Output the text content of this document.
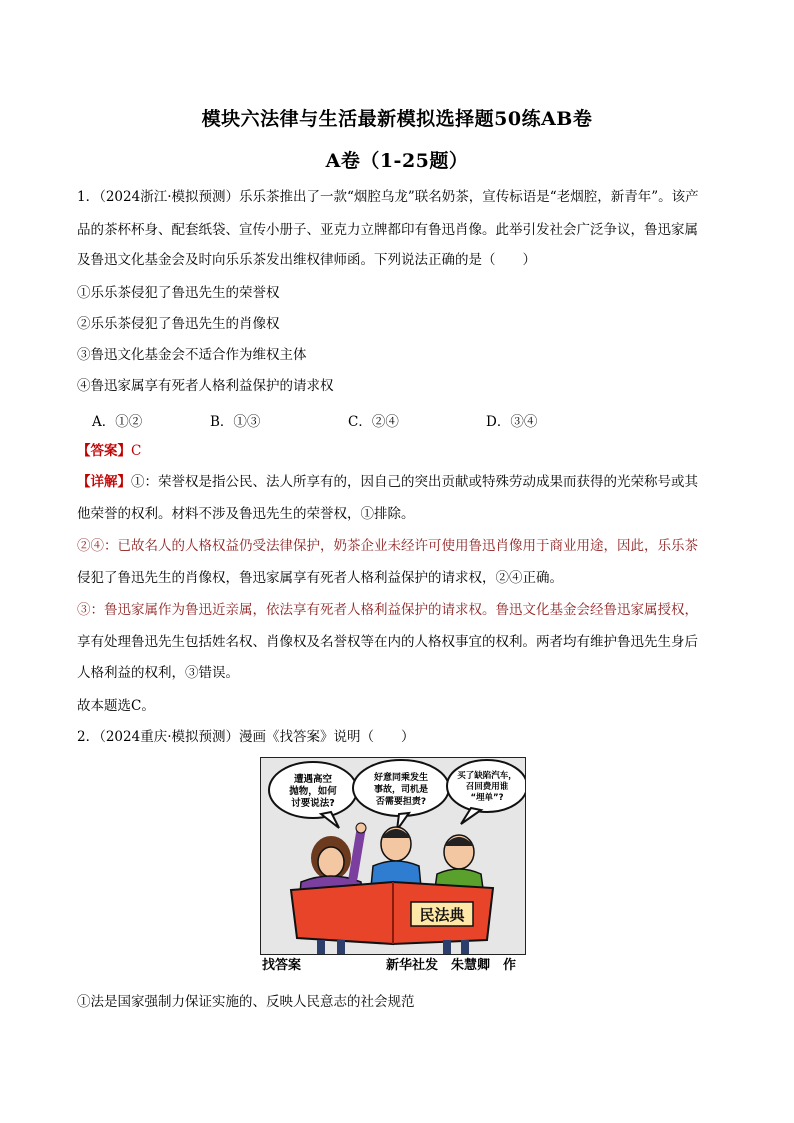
模块六法律与生活最新模拟选择题50练AB卷
A卷（1-25题）
1．（2024浙江·模拟预测）乐乐茶推出了一款“烟腔乌龙”联名奶茶，宣传标语是“老烟腔，新青年”。该产
品的茶杯杯身、配套纸袋、宣传小册子、亚克力立牌都印有鲁迅肖像。此举引发社会广泛争议，鲁迅家属
及鲁迅文化基金会及时向乐乐茶发出维权律师函。下列说法正确的是（　　）
①乐乐茶侵犯了鲁迅先生的荣誉权
②乐乐茶侵犯了鲁迅先生的肖像权
③鲁迅文化基金会不适合作为维权主体
④鲁迅家属享有死者人格利益保护的请求权
A．①②	B．①③	C．②④	D．③④
【答案】C
【详解】①：荣誉权是指公民、法人所享有的，因自己的突出贡献或特殊劳动成果而获得的光荣称号或其
他荣誉的权利。材料不涉及鲁迅先生的荣誉权，①排除。
②④：已故名人的人格权益仍受法律保护，奶茶企业未经许可使用鲁迅肖像用于商业用途，因此，乐乐茶
侵犯了鲁迅先生的肖像权，鲁迅家属享有死者人格利益保护的请求权，②④正确。
③：鲁迅家属作为鲁迅近亲属，依法享有死者人格利益保护的请求权。鲁迅文化基金会经鲁迅家属授权，
享有处理鲁迅先生包括姓名权、肖像权及名誉权等在内的人格权事宜的权利。两者均有维护鲁迅先生身后
人格利益的权利，③错误。
故本题选C。
2．（2024重庆·模拟预测）漫画《找答案》说明（　　）
遭遇高空
抛物，如何
讨要说法?
好意同乘发生
事故，司机是
否需要担责?
买了缺陷汽车，
召回费用谁
“埋单”?
民法典
找答案	新华社发　朱慧卿　作
①法是国家强制力保证实施的、反映人民意志的社会规范
